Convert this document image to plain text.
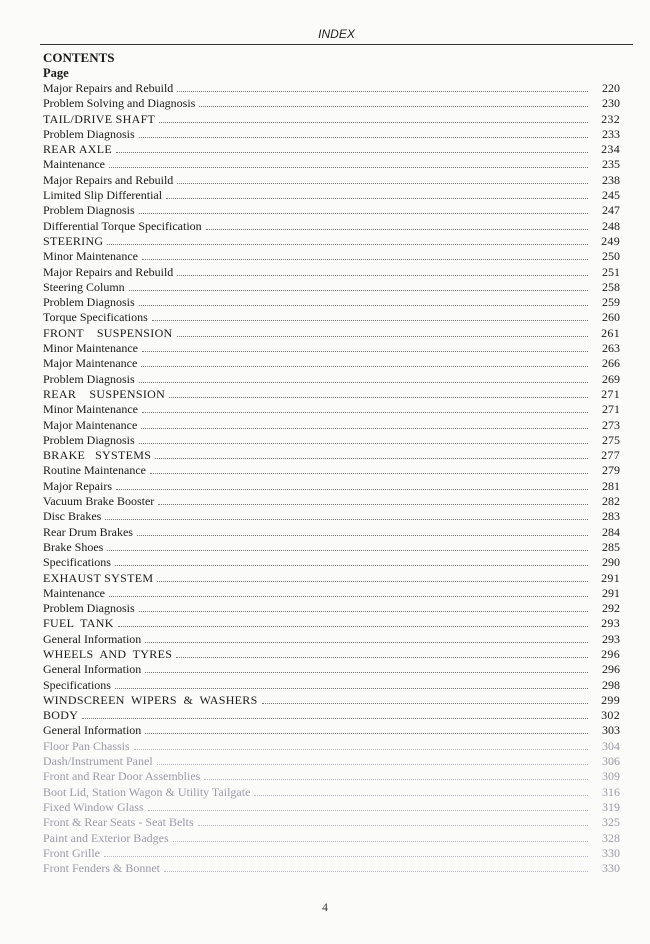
INDEX
CONTENTS
Page
Major Repairs and Rebuild	220
Problem Solving and Diagnosis	230
TAIL/DRIVE SHAFT	232
Problem Diagnosis	233
REAR AXLE	234
Maintenance	235
Major Repairs and Rebuild	238
Limited Slip Differential	245
Problem Diagnosis	247
Differential Torque Specification	248
STEERING	249
Minor Maintenance	250
Major Repairs and Rebuild	251
Steering Column	258
Problem Diagnosis	259
Torque Specifications	260
FRONT    SUSPENSION	261
Minor Maintenance	263
Major Maintenance	266
Problem Diagnosis	269
REAR    SUSPENSION	271
Minor Maintenance	271
Major Maintenance	273
Problem Diagnosis	275
BRAKE   SYSTEMS	277
Routine Maintenance	279
Major Repairs	281
Vacuum Brake Booster	282
Disc Brakes	283
Rear Drum Brakes	284
Brake Shoes	285
Specifications	290
EXHAUST SYSTEM	291
Maintenance	291
Problem Diagnosis	292
FUEL  TANK	293
General Information	293
WHEELS  AND  TYRES	296
General Information	296
Specifications	298
WINDSCREEN  WIPERS  &  WASHERS	299
BODY	302
General Information	303
Floor Pan Chassis	304
Dash/Instrument Panel	306
Front and Rear Door Assemblies	309
Boot Lid, Station Wagon & Utility Tailgate	316
Fixed Window Glass	319
Front & Rear Seats - Seat Belts	325
Paint and Exterior Badges	328
Front Grille	330
Front Fenders & Bonnet	330
4
